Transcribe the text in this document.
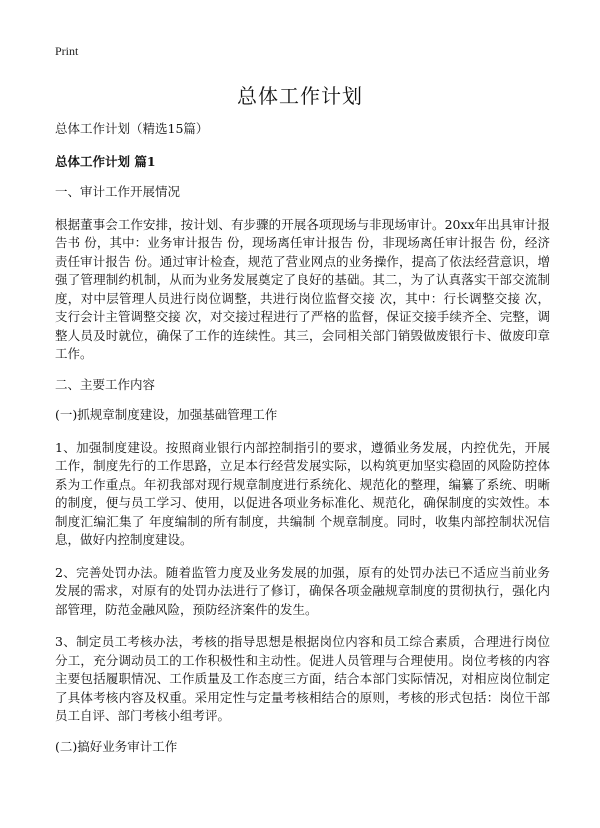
Print
总体工作计划

总体工作计划（精选15篇）

总体工作计划 篇1

一、审计工作开展情况

根据董事会工作安排，按计划、有步骤的开展各项现场与非现场审计。20xx年出具审计报告书 份，其中：业务审计报告 份，现场离任审计报告 份，非现场离任审计报告 份，经济责任审计报告 份。通过审计检查，规范了营业网点的业务操作，提高了依法经营意识，增强了管理制约机制，从而为业务发展奠定了良好的基础。其二，为了认真落实干部交流制度，对中层管理人员进行岗位调整，共进行岗位监督交接 次，其中：行长调整交接 次，支行会计主管调整交接 次，对交接过程进行了严格的监督，保证交接手续齐全、完整，调整人员及时就位，确保了工作的连续性。其三，会同相关部门销毁做废银行卡、做废印章工作。

二、主要工作内容

(一)抓规章制度建设，加强基础管理工作

1、加强制度建设。按照商业银行内部控制指引的要求，遵循业务发展，内控优先，开展工作，制度先行的工作思路，立足本行经营发展实际，以构筑更加坚实稳固的风险防控体系为工作重点。年初我部对现行规章制度进行系统化、规范化的整理，编纂了系统、明晰的制度，便与员工学习、使用，以促进各项业务标准化、规范化，确保制度的实效性。本制度汇编汇集了 年度编制的所有制度，共编制 个规章制度。同时，收集内部控制状况信息，做好内控制度建设。

2、完善处罚办法。随着监管力度及业务发展的加强，原有的处罚办法已不适应当前业务发展的需求，对原有的处罚办法进行了修订，确保各项金融规章制度的贯彻执行，强化内部管理，防范金融风险，预防经济案件的发生。

3、制定员工考核办法，考核的指导思想是根据岗位内容和员工综合素质，合理进行岗位分工，充分调动员工的工作积极性和主动性。促进人员管理与合理使用。岗位考核的内容主要包括履职情况、工作质量及工作态度三方面，结合本部门实际情况，对相应岗位制定了具体考核内容及权重。采用定性与定量考核相结合的原则，考核的形式包括：岗位干部员工自评、部门考核小组考评。

(二)搞好业务审计工作
